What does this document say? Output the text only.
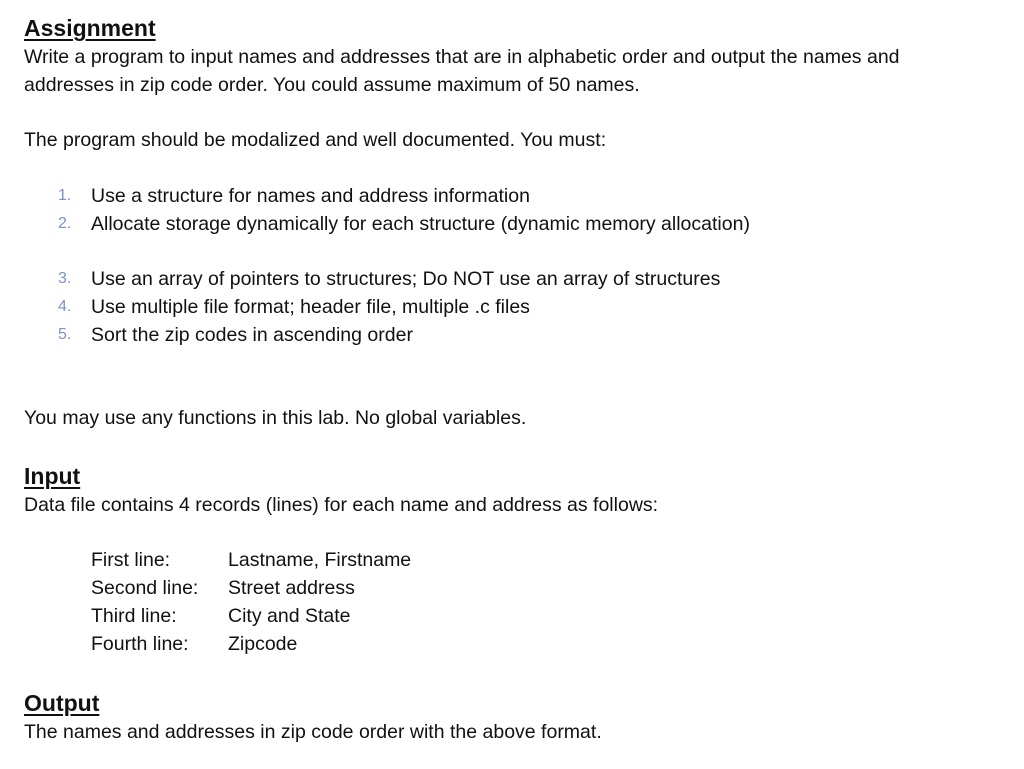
Assignment
Write a program to input names and addresses that are in alphabetic order and output the names and
addresses in zip code order. You could assume maximum of 50 names.
The program should be modalized and well documented. You must:
1. Use a structure for names and address information
2. Allocate storage dynamically for each structure (dynamic memory allocation)
3. Use an array of pointers to structures; Do NOT use an array of structures
4. Use multiple file format; header file, multiple .c files
5. Sort the zip codes in ascending order
You may use any functions in this lab. No global variables.
Input
Data file contains 4 records (lines) for each name and address as follows:
First line:	Lastname, Firstname
Second line: Street address
Third line:	City and State
Fourth line: Zipcode
Output
The names and addresses in zip code order with the above format.
